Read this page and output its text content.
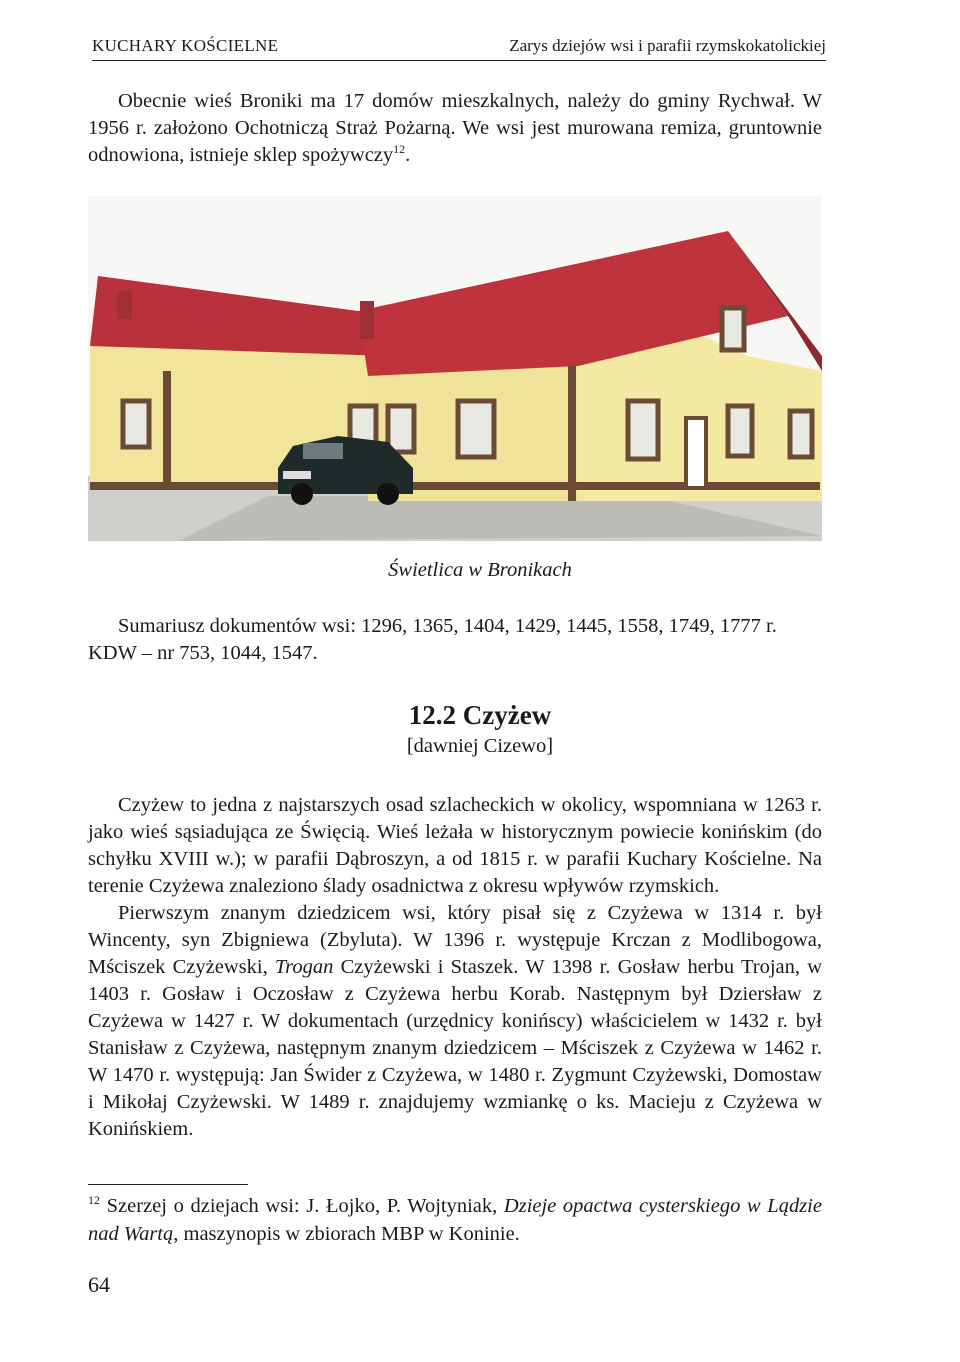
KUCHARY KOŚCIELNE	Zarys dziejów wsi i parafii rzymskokatolickiej

Obecnie wieś Broniki ma 17 domów mieszkalnych, należy do gminy Rychwał. W 1956 r. założono Ochotniczą Straż Pożarną. We wsi jest murowana remiza, gruntownie odnowiona, istnieje sklep spożywczy$^{12}$.

Świetlica w Bronikach

Sumariusz dokumentów wsi: 1296, 1365, 1404, 1429, 1445, 1558, 1749, 1777 r.

KDW – nr 753, 1044, 1547.

12.2 Czyżew
[dawniej Cizewo]

Czyżew to jedna z najstarszych osad szlacheckich w okolicy, wspomniana w 1263 r. jako wieś sąsiadująca ze Święcią. Wieś leżała w historycznym powiecie konińskim (do schyłku XVIII w.); w parafii Dąbroszyn, a od 1815 r. w parafii Kuchary Kościelne. Na terenie Czyżewa znaleziono ślady osadnictwa z okresu wpływów rzymskich.

Pierwszym znanym dziedzicem wsi, który pisał się z Czyżewa w 1314 r. był Wincenty, syn Zbigniewa (Zbyluta). W 1396 r. występuje Krczan z Modlibogowa, Mściszek Czyżewski, Trogan Czyżewski i Staszek. W 1398 r. Gosław herbu Trojan, w 1403 r. Gosław i Oczosław z Czyżewa herbu Korab. Następnym był Dziersław z Czyżewa w 1427 r. W dokumentach (urzędnicy konińscy) właścicielem w 1432 r. był Stanisław z Czyżewa, następnym znanym dziedzicem – Mściszek z Czyżewa w 1462 r. W 1470 r. występują: Jan Świder z Czyżewa, w 1480 r. Zygmunt Czyżewski, Domostaw i Mikołaj Czyżewski. W 1489 r. znajdujemy wzmiankę o ks. Macieju z Czyżewa w Konińskiem.

$^{12}$ Szerzej o dziejach wsi: J. Łojko, P. Wojtyniak, Dzieje opactwa cysterskiego w Lądzie nad Wartą, maszynopis w zbiorach MBP w Koninie.
64
